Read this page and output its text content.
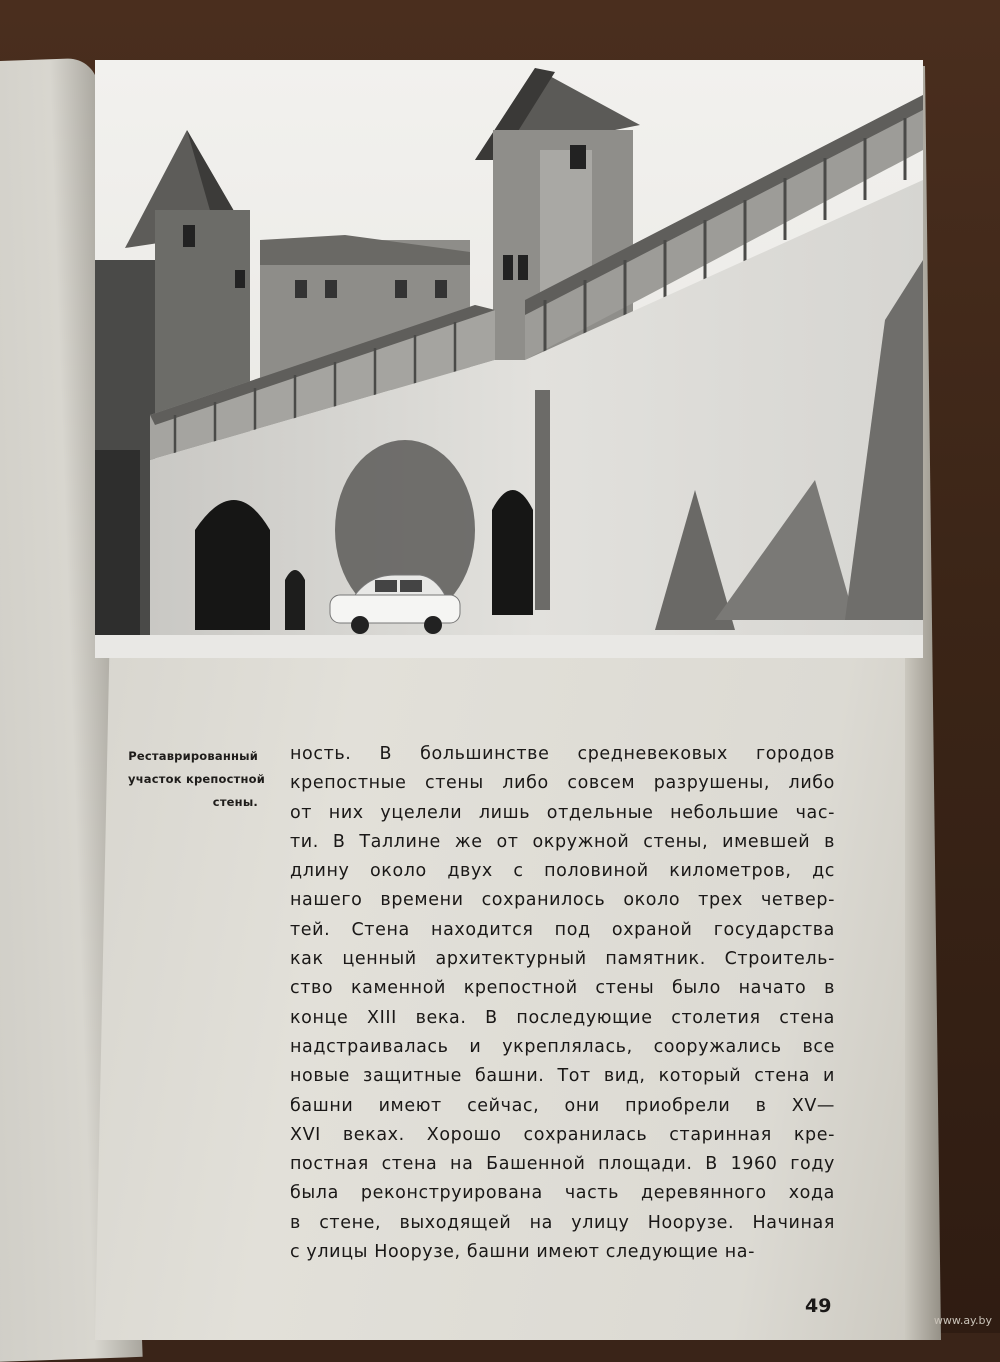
Реставрированный
участок крепостной
стены.
ность. В большинстве средневековых городов
крепостные стены либо совсем разрушены, либо
от них уцелели лишь отдельные небольшие час-
ти. В Таллине же от окружной стены, имевшей в
длину около двух с половиной километров, дс
нашего времени сохранилось около трех четвер-
тей. Стена находится под охраной государства
как ценный архитектурный памятник. Строитель-
ство каменной крепостной стены было начато в
конце XIII века. В последующие столетия стена
надстраивалась и укреплялась, сооружались все
новые защитные башни. Тот вид, который стена и
башни имеют сейчас, они приобрели в XV—
XVI веках. Хорошо сохранилась старинная кре-
постная стена на Башенной площади. В 1960 году
была реконструирована часть деревянного хода
в стене, выходящей на улицу Ноорузе. Начиная
с улицы Ноорузе, башни имеют следующие на-
49
www.ay.by
